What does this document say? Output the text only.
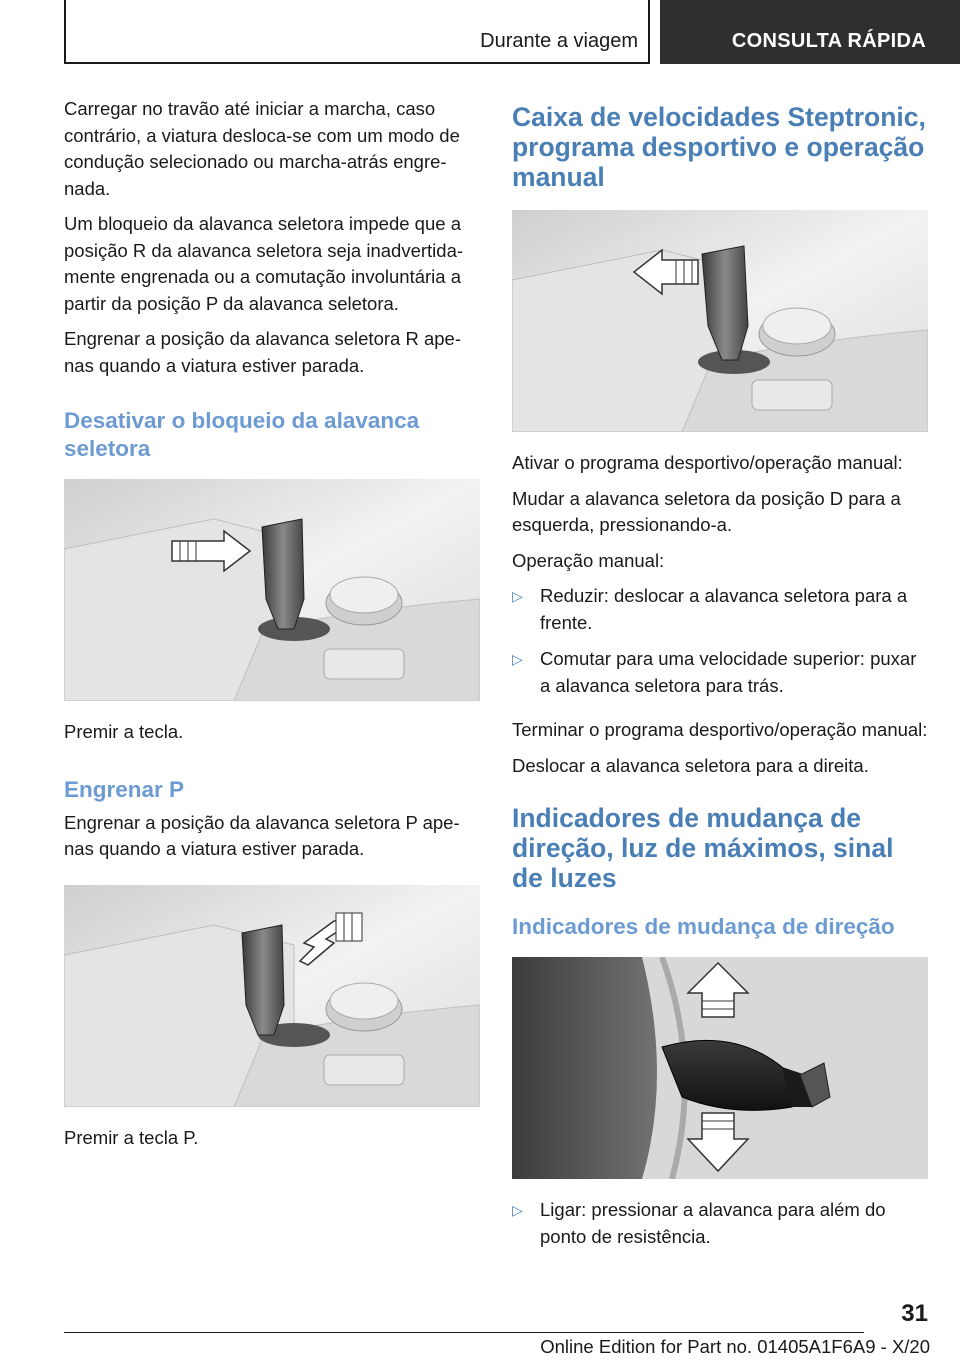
Durante a viagem	CONSULTA RÁPIDA

Carregar no travão até iniciar a marcha, caso contrário, a viatura desloca-se com um modo de condução selecionado ou marcha-atrás engrenada.

Um bloqueio da alavanca seletora impede que a posição R da alavanca seletora seja inadvertidamente engrenada ou a comutação involuntária a partir da posição P da alavanca seletora.

Engrenar a posição da alavanca seletora R apenas quando a viatura estiver parada.

Desativar o bloqueio da alavanca seletora

Premir a tecla.

Engrenar P

Engrenar a posição da alavanca seletora P apenas quando a viatura estiver parada.

Premir a tecla P.

Caixa de velocidades Steptronic, programa desportivo e operação manual

Ativar o programa desportivo/operação manual:

Mudar a alavanca seletora da posição D para a esquerda, pressionando-a.

Operação manual:

▷ Reduzir: deslocar a alavanca seletora para a frente.
▷ Comutar para uma velocidade superior: puxar a alavanca seletora para trás.

Terminar o programa desportivo/operação manual:

Deslocar a alavanca seletora para a direita.

Indicadores de mudança de direção, luz de máximos, sinal de luzes
Indicadores de mudança de direção
▷ Ligar: pressionar a alavanca para além do ponto de resistência.
31
Online Edition for Part no. 01405A1F6A9 - X/20
